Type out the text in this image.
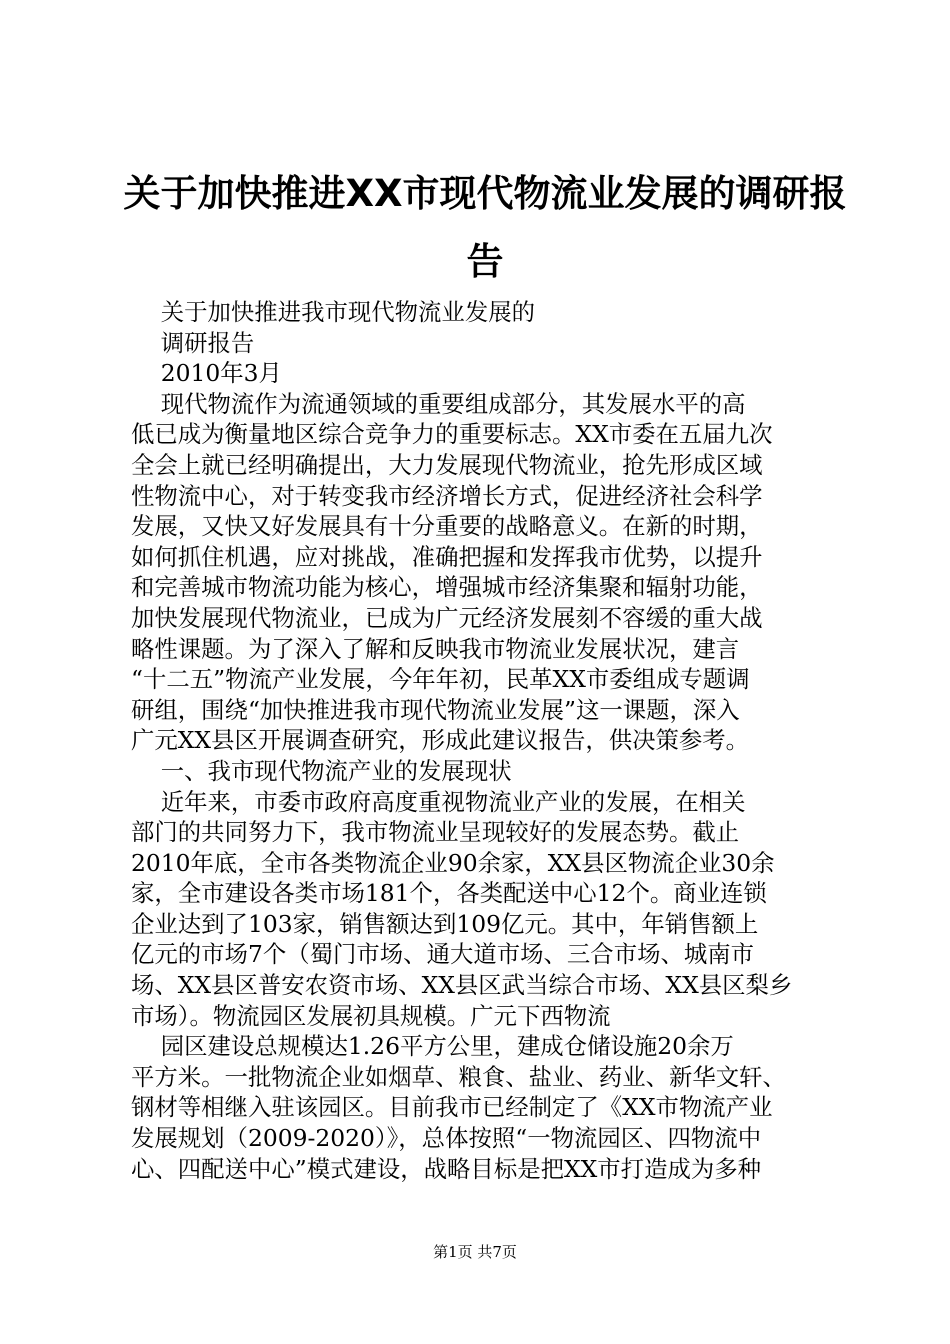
关于加快推进XX市现代物流业发展的调研报
告
关于加快推进我市现代物流业发展的
调研报告
2010年3月
现代物流作为流通领域的重要组成部分，其发展水平的高
低已成为衡量地区综合竞争力的重要标志。XX市委在五届九次
全会上就已经明确提出，大力发展现代物流业，抢先形成区域
性物流中心，对于转变我市经济增长方式，促进经济社会科学
发展，又快又好发展具有十分重要的战略意义。在新的时期，
如何抓住机遇，应对挑战，准确把握和发挥我市优势，以提升
和完善城市物流功能为核心，增强城市经济集聚和辐射功能，
加快发展现代物流业，已成为广元经济发展刻不容缓的重大战
略性课题。为了深入了解和反映我市物流业发展状况，建言
“十二五”物流产业发展，今年年初，民革XX市委组成专题调
研组，围绕“加快推进我市现代物流业发展”这一课题，深入
广元XX县区开展调查研究，形成此建议报告，供决策参考。
一、我市现代物流产业的发展现状
近年来，市委市政府高度重视物流业产业的发展，在相关
部门的共同努力下，我市物流业呈现较好的发展态势。截止
2010年底，全市各类物流企业90余家，XX县区物流企业30余
家，全市建设各类市场181个，各类配送中心12个。商业连锁
企业达到了103家，销售额达到109亿元。其中，年销售额上
亿元的市场7个（蜀门市场、通大道市场、三合市场、城南市
场、XX县区普安农资市场、XX县区武当综合市场、XX县区梨乡
市场）。物流园区发展初具规模。广元下西物流
园区建设总规模达1.26平方公里，建成仓储设施20余万
平方米。一批物流企业如烟草、粮食、盐业、药业、新华文轩、
钢材等相继入驻该园区。目前我市已经制定了《XX市物流产业
发展规划（2009-2020）》，总体按照“一物流园区、四物流中
心、四配送中心”模式建设，战略目标是把XX市打造成为多种
第1页 共7页
